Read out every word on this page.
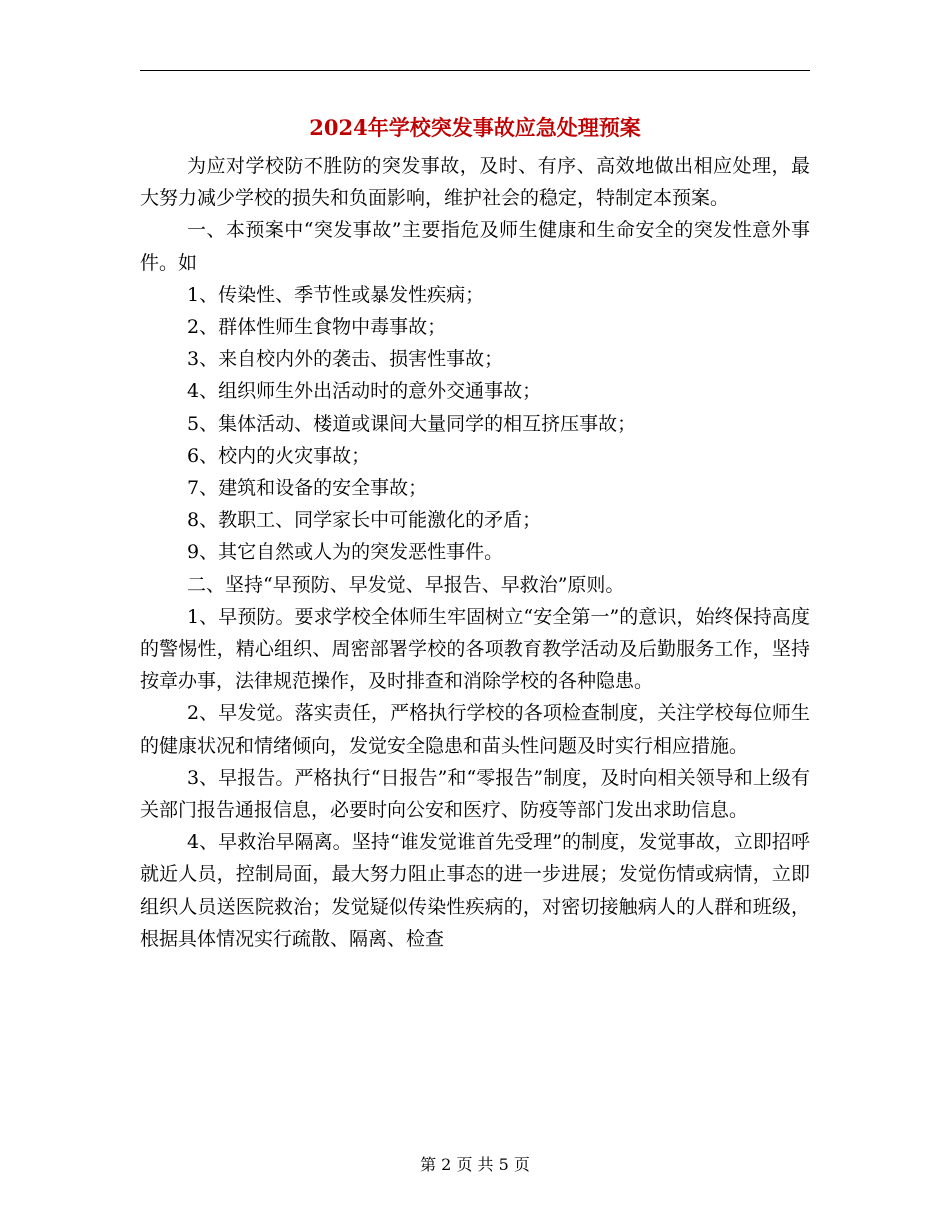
2024年学校突发事故应急处理预案

为应对学校防不胜防的突发事故，及时、有序、高效地做出相应处理，最大努力减少学校的损失和负面影响，维护社会的稳定，特制定本预案。

一、本预案中“突发事故”主要指危及师生健康和生命安全的突发性意外事件。如

1、传染性、季节性或暴发性疾病；

2、群体性师生食物中毒事故；

3、来自校内外的袭击、损害性事故；

4、组织师生外出活动时的意外交通事故；

5、集体活动、楼道或课间大量同学的相互挤压事故；

6、校内的火灾事故；

7、建筑和设备的安全事故；

8、教职工、同学家长中可能激化的矛盾；

9、其它自然或人为的突发恶性事件。

二、坚持“早预防、早发觉、早报告、早救治”原则。

1、早预防。要求学校全体师生牢固树立“安全第一”的意识，始终保持高度的警惕性，精心组织、周密部署学校的各项教育教学活动及后勤服务工作，坚持按章办事，法律规范操作，及时排查和消除学校的各种隐患。

2、早发觉。落实责任，严格执行学校的各项检查制度，关注学校每位师生的健康状况和情绪倾向，发觉安全隐患和苗头性问题及时实行相应措施。

3、早报告。严格执行“日报告”和“零报告”制度，及时向相关领导和上级有关部门报告通报信息，必要时向公安和医疗、防疫等部门发出求助信息。

4、早救治早隔离。坚持“谁发觉谁首先受理”的制度，发觉事故，立即招呼就近人员，控制局面，最大努力阻止事态的进一步进展；发觉伤情或病情，立即组织人员送医院救治；发觉疑似传染性疾病的，对密切接触病人的人群和班级，根据具体情况实行疏散、隔离、检查

第 2 页 共 5 页
